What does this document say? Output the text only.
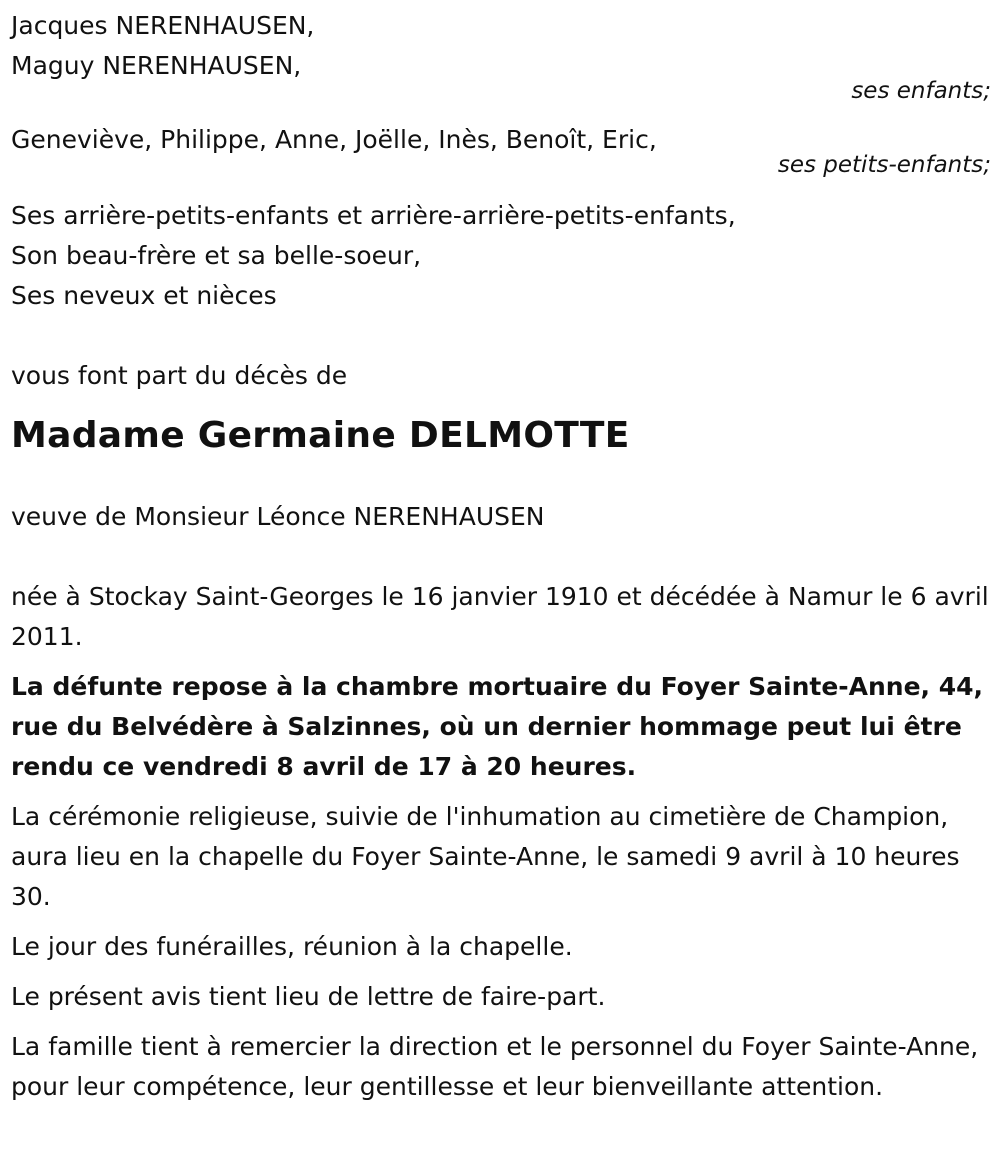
Jacques NERENHAUSEN,
Maguy NERENHAUSEN,
ses enfants;
Geneviève, Philippe, Anne, Joëlle, Inès, Benoît, Eric,
ses petits-enfants;
Ses arrière-petits-enfants et arrière-arrière-petits-enfants,
Son beau-frère et sa belle-soeur,
Ses neveux et nièces

vous font part du décès de

Madame Germaine DELMOTTE

veuve de Monsieur Léonce NERENHAUSEN

née à Stockay Saint-Georges le 16 janvier 1910 et décédée à Namur le 6 avril 2011.

La défunte repose à la chambre mortuaire du Foyer Sainte-Anne, 44, rue du Belvédère à Salzinnes, où un dernier hommage peut lui être rendu ce vendredi 8 avril de 17 à 20 heures.

La cérémonie religieuse, suivie de l'inhumation au cimetière de Champion, aura lieu en la chapelle du Foyer Sainte-Anne, le samedi 9 avril à 10 heures 30.

Le jour des funérailles, réunion à la chapelle.

Le présent avis tient lieu de lettre de faire-part.

La famille tient à remercier la direction et le personnel du Foyer Sainte-Anne, pour leur compétence, leur gentillesse et leur bienveillante attention.
